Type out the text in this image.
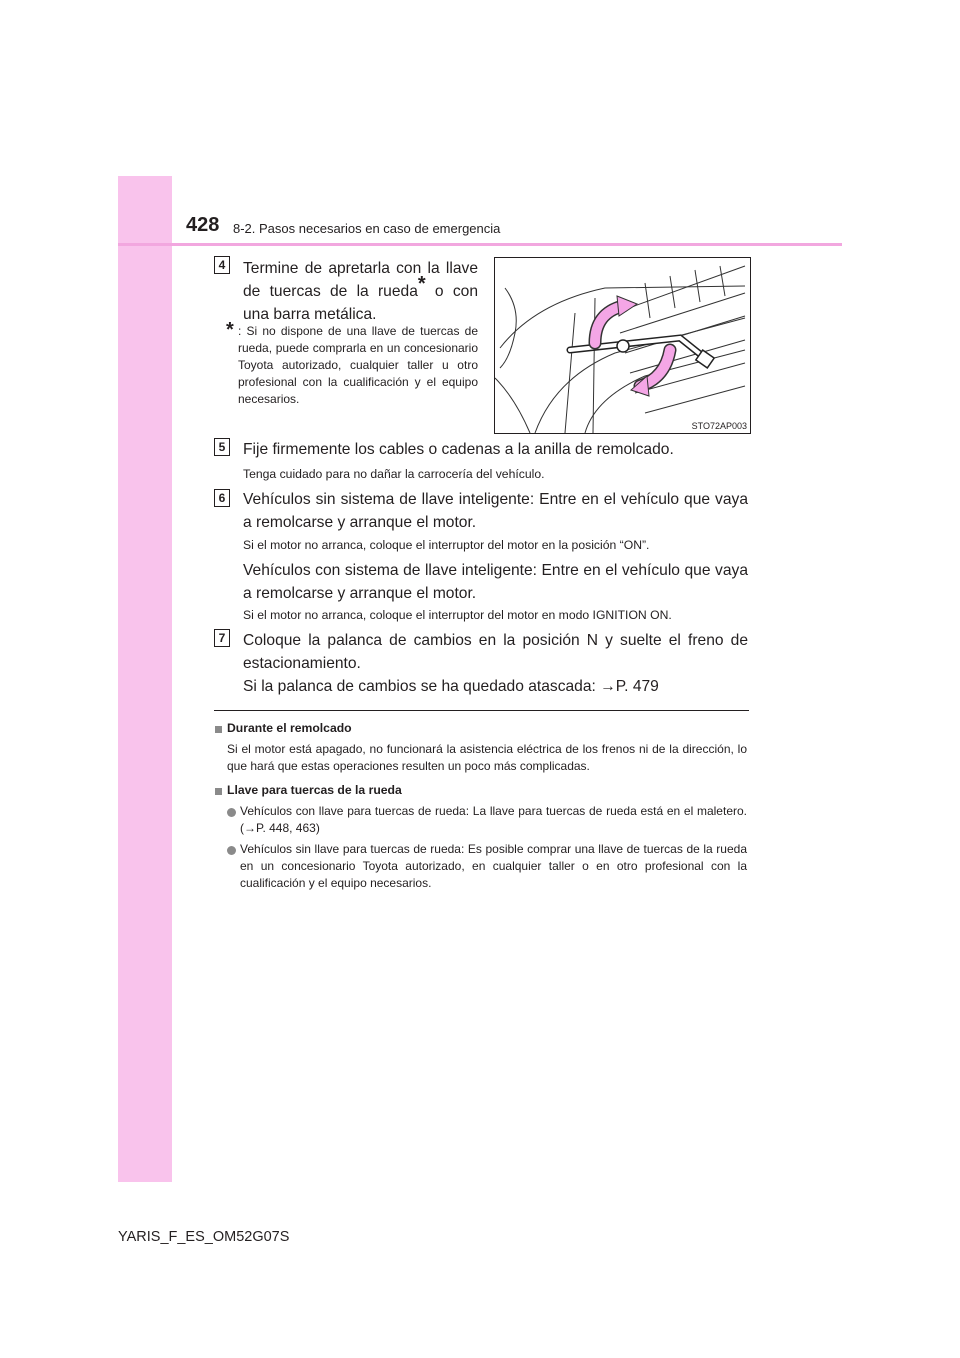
428 8-2. Pasos necesarios en caso de emergencia
4 Termine de apretarla con la llave de tuercas de la rueda* o con una barra metálica.
* : Si no dispone de una llave de tuercas de rueda, puede comprarla en un concesionario Toyota autorizado, cualquier taller u otro profesional con la cualificación y el equipo necesarios.
STO72AP003
5 Fije firmemente los cables o cadenas a la anilla de remolcado.
Tenga cuidado para no dañar la carrocería del vehículo.
6 Vehículos sin sistema de llave inteligente: Entre en el vehículo que vaya a remolcarse y arranque el motor.
Si el motor no arranca, coloque el interruptor del motor en la posición “ON”.
Vehículos con sistema de llave inteligente: Entre en el vehículo que vaya a remolcarse y arranque el motor.
Si el motor no arranca, coloque el interruptor del motor en modo IGNITION ON.
7 Coloque la palanca de cambios en la posición N y suelte el freno de estacionamiento.
Si la palanca de cambios se ha quedado atascada: →P. 479
Durante el remolcado
Si el motor está apagado, no funcionará la asistencia eléctrica de los frenos ni de la dirección, lo que hará que estas operaciones resulten un poco más complicadas.
Llave para tuercas de la rueda
Vehículos con llave para tuercas de rueda: La llave para tuercas de rueda está en el maletero. (→P. 448, 463)
Vehículos sin llave para tuercas de rueda: Es posible comprar una llave de tuercas de la rueda en un concesionario Toyota autorizado, en cualquier taller o en otro profesional con la cualificación y el equipo necesarios.
YARIS_F_ES_OM52G07S
